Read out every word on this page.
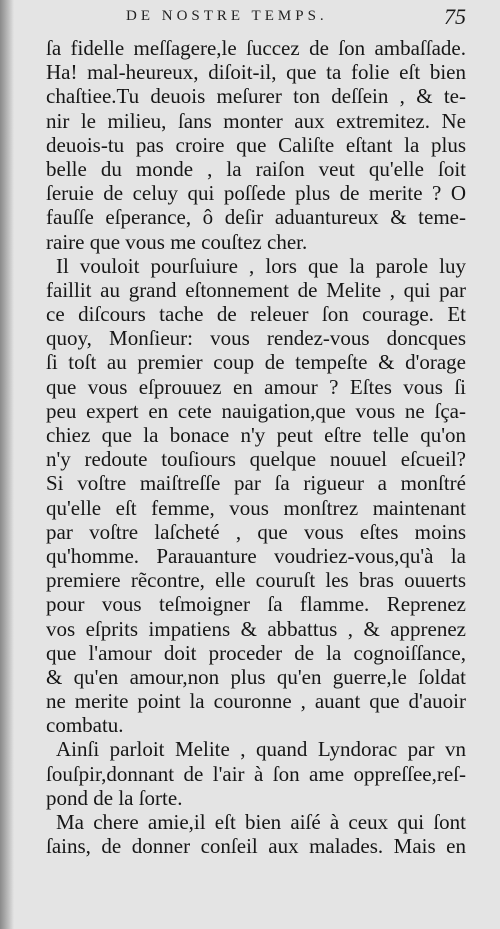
DE NOSTRE TEMPS.	75
ſa fidelle meſſagere,le ſuccez de ſon ambaſſade.
Ha! mal-heureux, diſoit-il, que ta folie eſt bien
chaſtiee.Tu deuois meſurer ton deſſein , & te-
nir le milieu, ſans monter aux extremitez. Ne
deuois-tu pas croire que Caliſte eſtant la plus
belle du monde , la raiſon veut qu'elle ſoit
ſeruie de celuy qui poſſede plus de merite ? O
fauſſe eſperance, ô deſir aduantureux & teme-
raire que vous me couſtez cher.
Il vouloit pourſuiure , lors que la parole luy
faillit au grand eſtonnement de Melite , qui par
ce diſcours tache de releuer ſon courage. Et
quoy, Monſieur: vous rendez-vous doncques
ſi toſt au premier coup de tempeſte & d'orage
que vous eſprouuez en amour ? Eſtes vous ſi
peu expert en cete nauigation,que vous ne ſça-
chiez que la bonace n'y peut eſtre telle qu'on
n'y redoute touſiours quelque nouuel eſcueil?
Si voſtre maiſtreſſe par ſa rigueur a monſtré
qu'elle eſt femme, vous monſtrez maintenant
par voſtre laſcheté , que vous eſtes moins
qu'homme. Parauanture voudriez-vous,qu'à la
premiere rẽcontre, elle couruſt les bras ouuerts
pour vous teſmoigner ſa flamme. Reprenez
vos eſprits impatiens & abbattus , & apprenez
que l'amour doit proceder de la cognoiſſance,
& qu'en amour,non plus qu'en guerre,le ſoldat
ne merite point la couronne , auant que d'auoir
combatu.
Ainſi parloit Melite , quand Lyndorac par vn
ſouſpir,donnant de l'air à ſon ame oppreſſee,reſ-
pond de la ſorte.
Ma chere amie,il eſt bien aiſé à ceux qui ſont
ſains, de donner conſeil aux malades. Mais en
